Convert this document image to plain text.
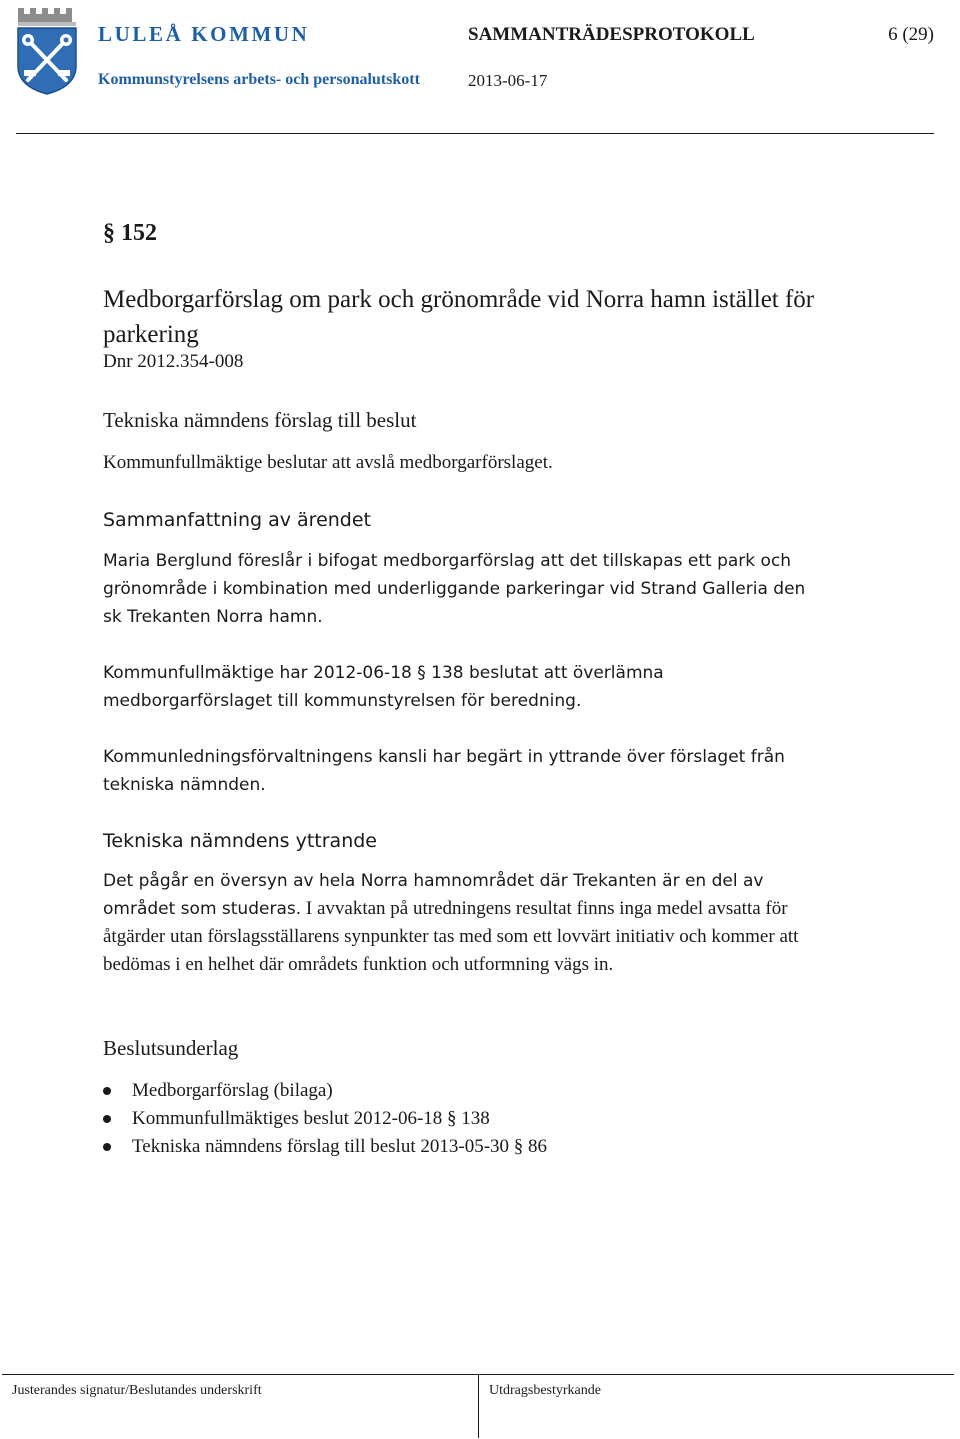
LULEÅ KOMMUN	SAMMANTRÄDESPROTOKOLL	6 (29)
Kommunstyrelsens arbets- och personalutskott	2013-06-17
§ 152
Medborgarförslag om park och grönområde vid Norra hamn istället för parkering
Dnr 2012.354-008
Tekniska nämndens förslag till beslut
Kommunfullmäktige beslutar att avslå medborgarförslaget.
Sammanfattning av ärendet
Maria Berglund föreslår i bifogat medborgarförslag att det tillskapas ett park och grönområde i kombination med underliggande parkeringar vid Strand Galleria den sk Trekanten Norra hamn.
Kommunfullmäktige har 2012-06-18 § 138 beslutat att överlämna medborgarförslaget till kommunstyrelsen för beredning.
Kommunledningsförvaltningens kansli har begärt in yttrande över förslaget från tekniska nämnden.
Tekniska nämndens yttrande
Det pågår en översyn av hela Norra hamnområdet där Trekanten är en del av området som studeras. I avvaktan på utredningens resultat finns inga medel avsatta för åtgärder utan förslagsställarens synpunkter tas med som ett lovvärt initiativ och kommer att bedömas i en helhet där områdets funktion och utformning vägs in.
Beslutsunderlag
Medborgarförslag (bilaga)
Kommunfullmäktiges beslut 2012-06-18 § 138
Tekniska nämndens förslag till beslut 2013-05-30 § 86
Justerandes signatur/Beslutandes underskrift	Utdragsbestyrkande
